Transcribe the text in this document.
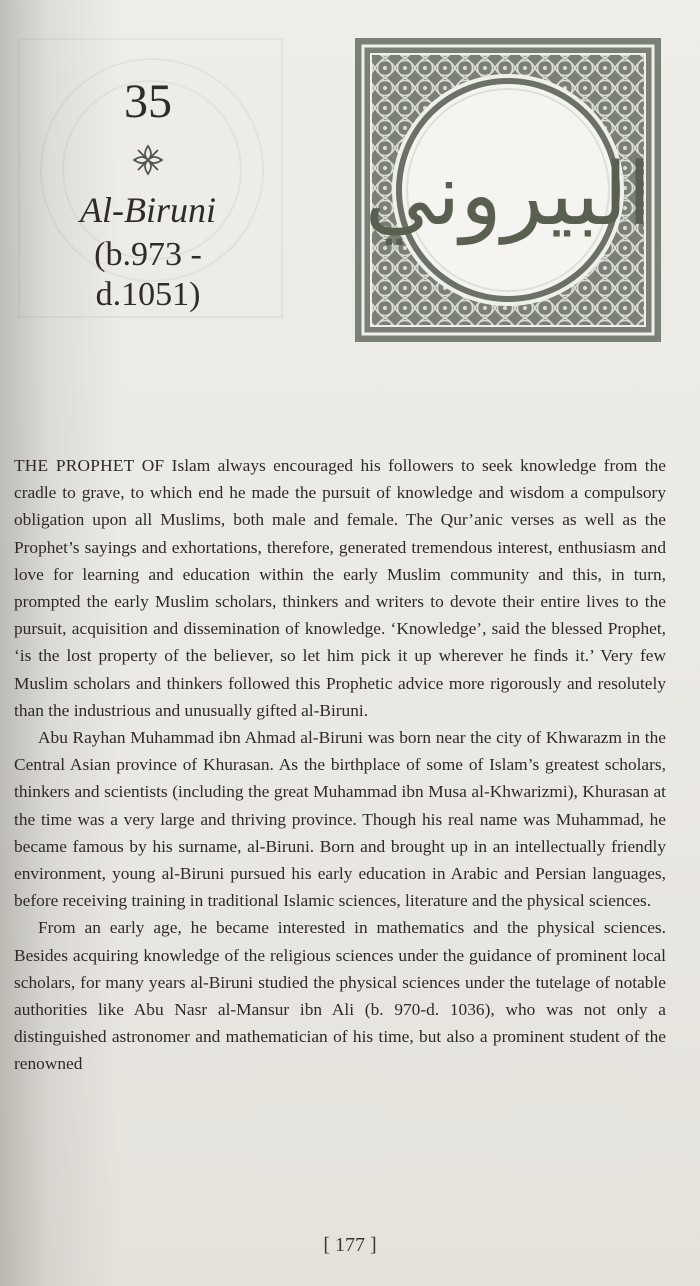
35
Al-Biruni
(b.973 - d.1051)
البيروني

THE PROPHET OF Islam always encouraged his followers to seek knowledge from the cradle to grave, to which end he made the pursuit of knowledge and wisdom a compulsory obligation upon all Muslims, both male and female. The Qur’anic verses as well as the Prophet’s sayings and exhortations, therefore, generated tremendous interest, enthusiasm and love for learning and education within the early Muslim community and this, in turn, prompted the early Muslim scholars, thinkers and writers to devote their entire lives to the pursuit, acquisition and dissemination of knowledge. ‘Knowledge’, said the blessed Prophet, ‘is the lost property of the believer, so let him pick it up wherever he finds it.’ Very few Muslim scholars and thinkers followed this Prophetic advice more rigorously and resolutely than the industrious and unusually gifted al-Biruni.

Abu Rayhan Muhammad ibn Ahmad al-Biruni was born near the city of Khwarazm in the Central Asian province of Khurasan. As the birthplace of some of Islam’s greatest scholars, thinkers and scientists (including the great Muhammad ibn Musa al-Khwarizmi), Khurasan at the time was a very large and thriving province. Though his real name was Muhammad, he became famous by his surname, al-Biruni. Born and brought up in an intellectually friendly environment, young al-Biruni pursued his early education in Arabic and Persian languages, before receiving training in traditional Islamic sciences, literature and the physical sciences.

From an early age, he became interested in mathematics and the physical sciences. Besides acquiring knowledge of the religious sciences under the guidance of prominent local scholars, for many years al-Biruni studied the physical sciences under the tutelage of notable authorities like Abu Nasr al-Mansur ibn Ali (b. 970-d. 1036), who was not only a distinguished astronomer and mathematician of his time, but also a prominent student of the renowned

[ 177 ]
